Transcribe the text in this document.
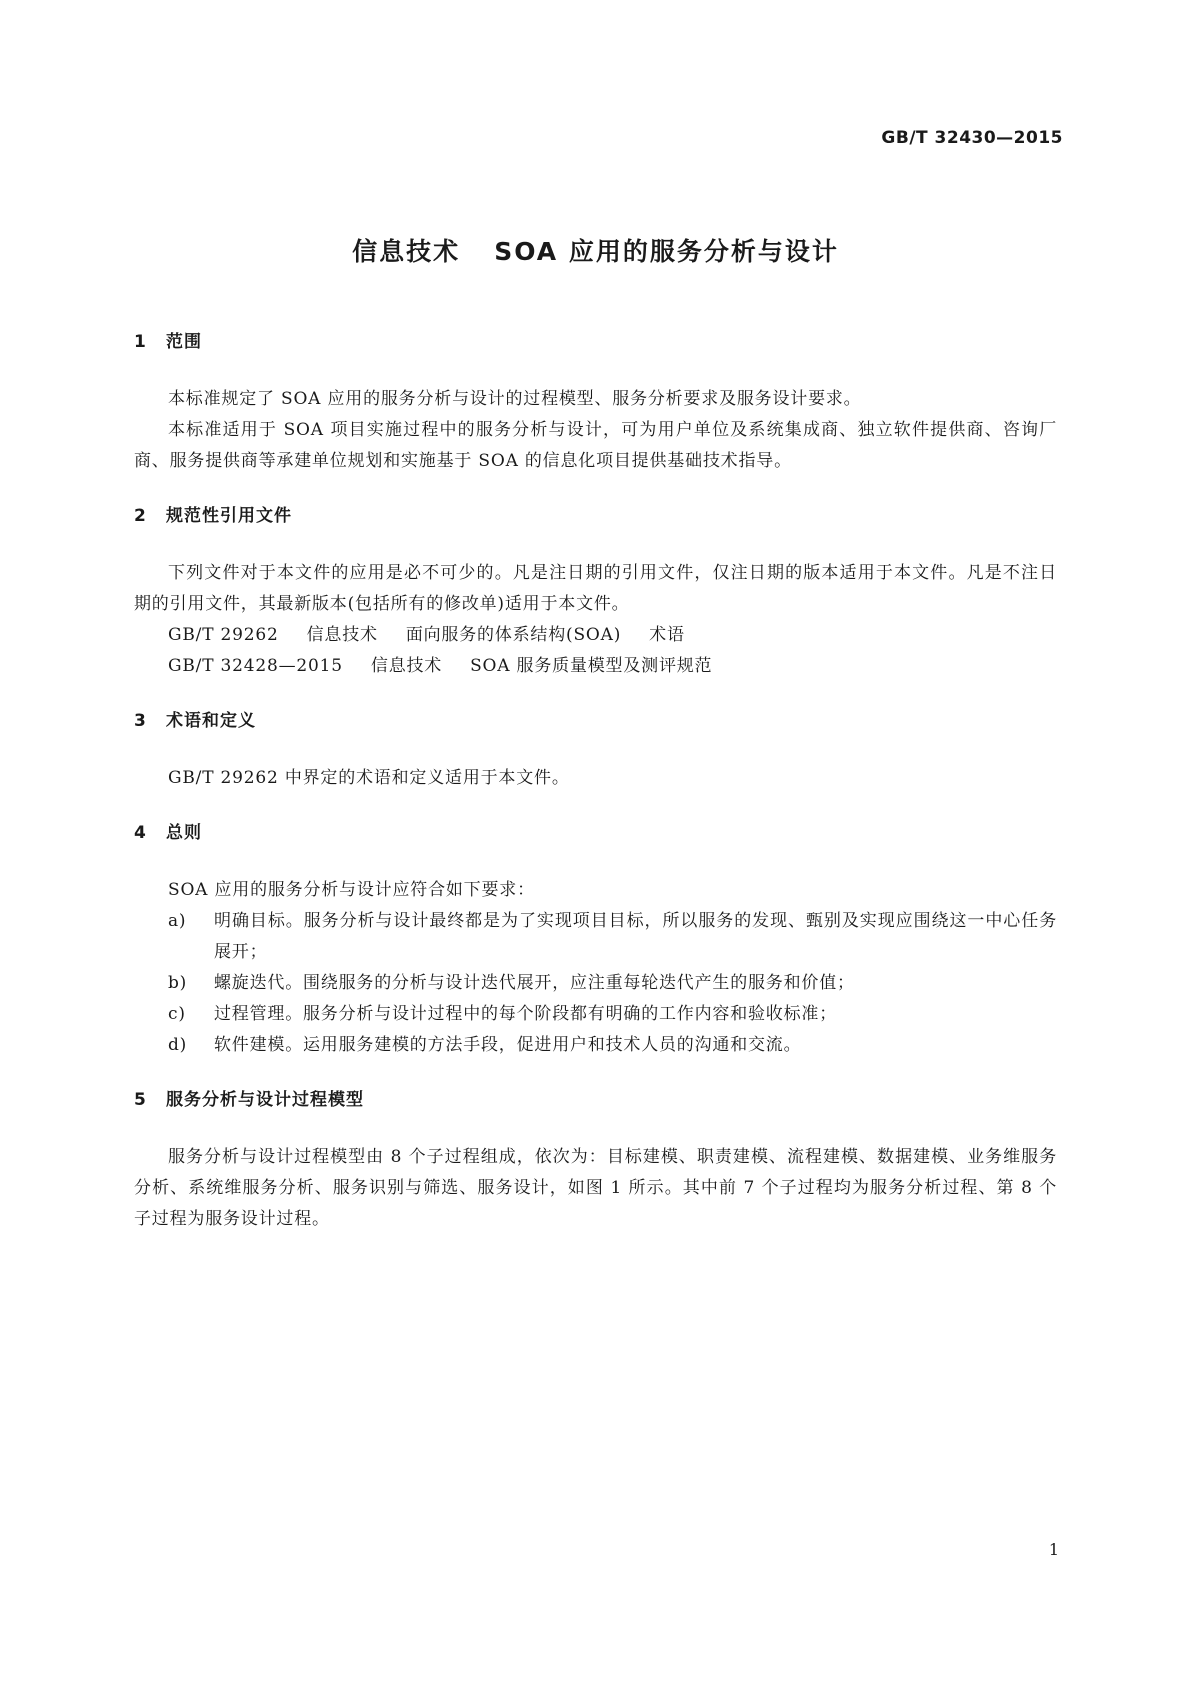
GB/T 32430—2015
信息技术 SOA 应用的服务分析与设计
1 范围
本标准规定了 SOA 应用的服务分析与设计的过程模型、服务分析要求及服务设计要求。
本标准适用于 SOA 项目实施过程中的服务分析与设计，可为用户单位及系统集成商、独立软件提供商、咨询厂商、服务提供商等承建单位规划和实施基于 SOA 的信息化项目提供基础技术指导。
2 规范性引用文件
下列文件对于本文件的应用是必不可少的。凡是注日期的引用文件，仅注日期的版本适用于本文件。凡是不注日期的引用文件，其最新版本(包括所有的修改单)适用于本文件。
GB/T 29262 信息技术 面向服务的体系结构(SOA) 术语
GB/T 32428—2015 信息技术 SOA 服务质量模型及测评规范
3 术语和定义
GB/T 29262 中界定的术语和定义适用于本文件。
4 总则
SOA 应用的服务分析与设计应符合如下要求：
a) 明确目标。服务分析与设计最终都是为了实现项目目标，所以服务的发现、甄别及实现应围绕这一中心任务展开；
b) 螺旋迭代。围绕服务的分析与设计迭代展开，应注重每轮迭代产生的服务和价值；
c) 过程管理。服务分析与设计过程中的每个阶段都有明确的工作内容和验收标准；
d) 软件建模。运用服务建模的方法手段，促进用户和技术人员的沟通和交流。
5 服务分析与设计过程模型
服务分析与设计过程模型由 8 个子过程组成，依次为：目标建模、职责建模、流程建模、数据建模、业务维服务分析、系统维服务分析、服务识别与筛选、服务设计，如图 1 所示。其中前 7 个子过程均为服务分析过程、第 8 个子过程为服务设计过程。
1
